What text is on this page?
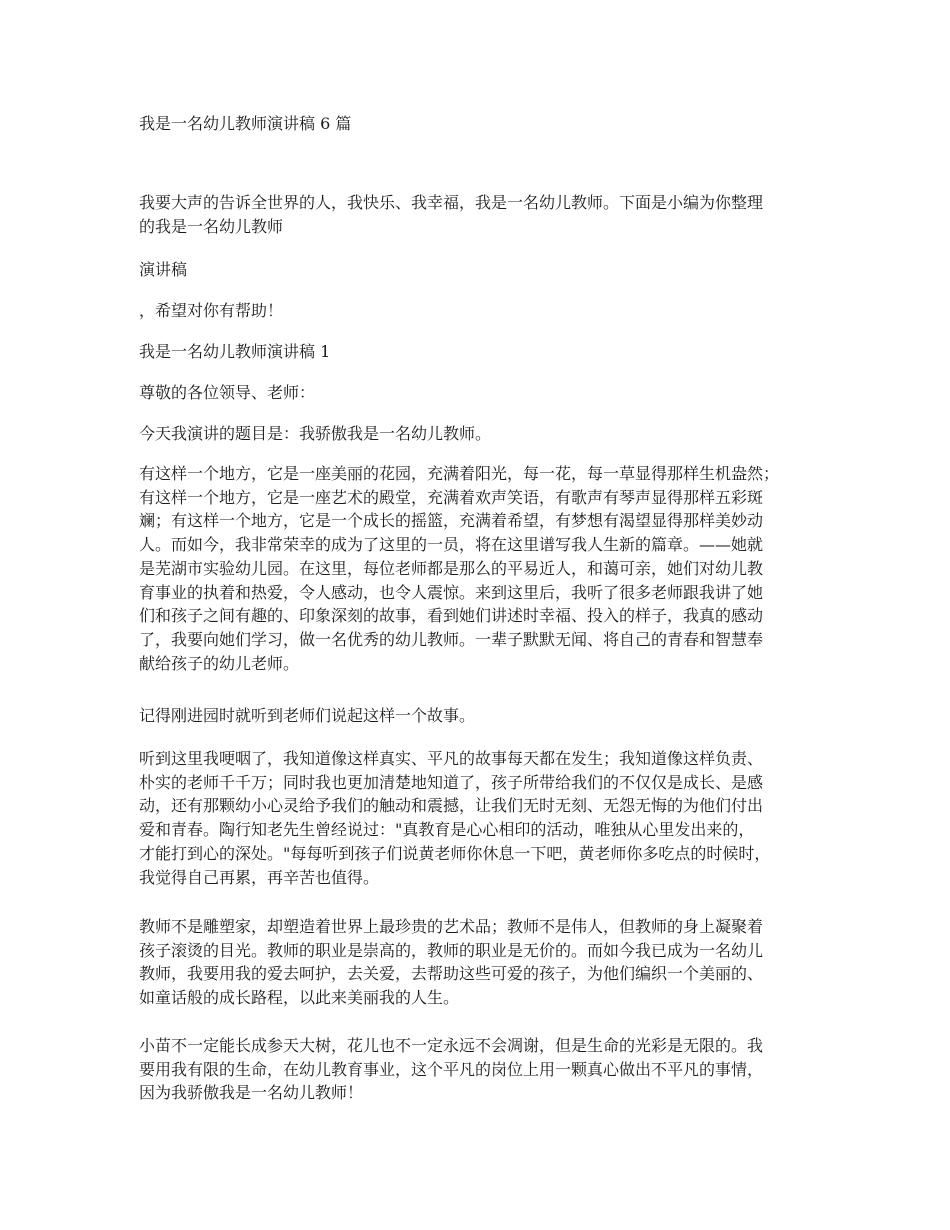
我是一名幼儿教师演讲稿 6 篇
我要大声的告诉全世界的人，我快乐、我幸福，我是一名幼儿教师。下面是小编为你整理
的我是一名幼儿教师
演讲稿
，希望对你有帮助！
我是一名幼儿教师演讲稿 1
尊敬的各位领导、老师：
今天我演讲的题目是：我骄傲我是一名幼儿教师。
有这样一个地方，它是一座美丽的花园，充满着阳光，每一花，每一草显得那样生机盎然；
有这样一个地方，它是一座艺术的殿堂，充满着欢声笑语，有歌声有琴声显得那样五彩斑
斓；有这样一个地方，它是一个成长的摇篮，充满着希望，有梦想有渴望显得那样美妙动
人。而如今，我非常荣幸的成为了这里的一员，将在这里谱写我人生新的篇章。——她就
是芜湖市实验幼儿园。在这里，每位老师都是那么的平易近人，和蔼可亲，她们对幼儿教
育事业的执着和热爱，令人感动，也令人震惊。来到这里后，我听了很多老师跟我讲了她
们和孩子之间有趣的、印象深刻的故事，看到她们讲述时幸福、投入的样子，我真的感动
了，我要向她们学习，做一名优秀的幼儿教师。一辈子默默无闻、将自己的青春和智慧奉
献给孩子的幼儿老师。
记得刚进园时就听到老师们说起这样一个故事。
听到这里我哽咽了，我知道像这样真实、平凡的故事每天都在发生；我知道像这样负责、
朴实的老师千千万；同时我也更加清楚地知道了，孩子所带给我们的不仅仅是成长、是感
动，还有那颗幼小心灵给予我们的触动和震撼，让我们无时无刻、无怨无悔的为他们付出
爱和青春。陶行知老先生曾经说过："真教育是心心相印的活动，唯独从心里发出来的，
才能打到心的深处。"每每听到孩子们说黄老师你休息一下吧，黄老师你多吃点的时候时，
我觉得自己再累，再辛苦也值得。
教师不是雕塑家，却塑造着世界上最珍贵的艺术品；教师不是伟人，但教师的身上凝聚着
孩子滚烫的目光。教师的职业是崇高的，教师的职业是无价的。而如今我已成为一名幼儿
教师，我要用我的爱去呵护，去关爱，去帮助这些可爱的孩子，为他们编织一个美丽的、
如童话般的成长路程，以此来美丽我的人生。
小苗不一定能长成参天大树，花儿也不一定永远不会凋谢，但是生命的光彩是无限的。我
要用我有限的生命，在幼儿教育事业，这个平凡的岗位上用一颗真心做出不平凡的事情，
因为我骄傲我是一名幼儿教师！
